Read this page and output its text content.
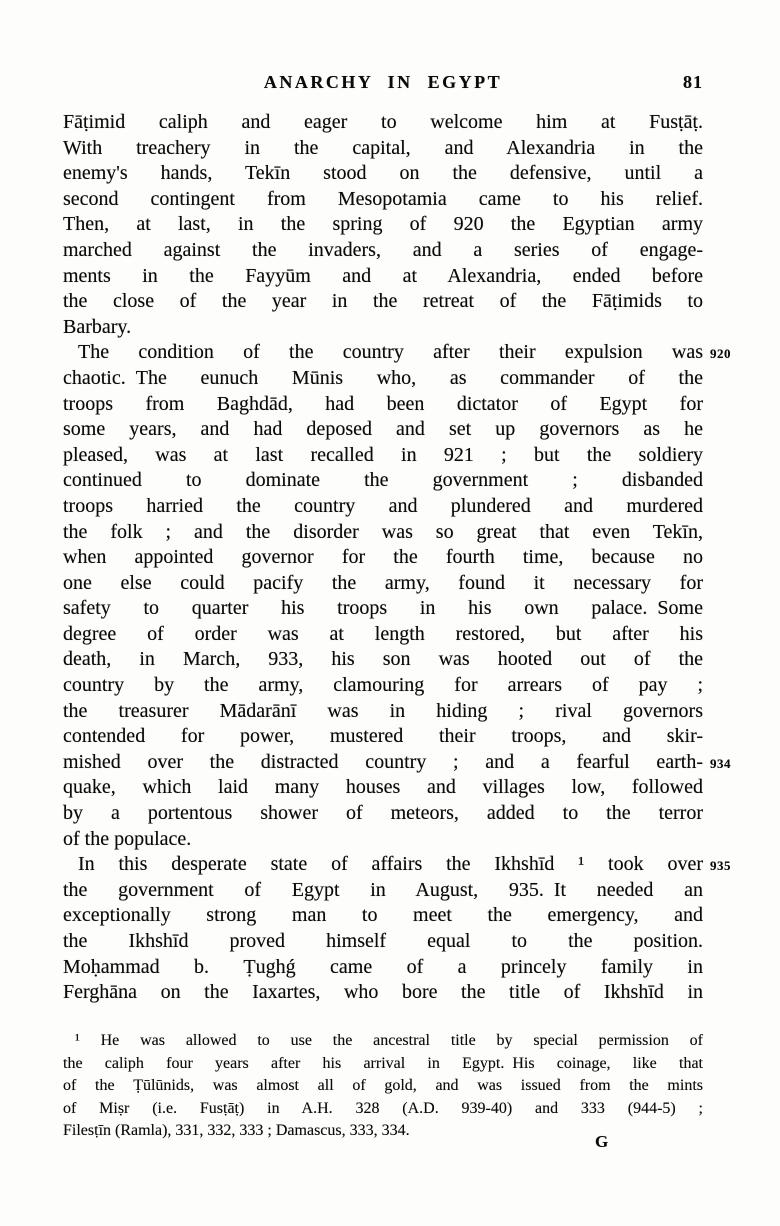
ANARCHY IN EGYPT	81
Fāṭimid caliph and eager to welcome him at Fusṭāṭ.
With treachery in the capital, and Alexandria in the
enemy's hands, Tekīn stood on the defensive, until a
second contingent from Mesopotamia came to his relief.
Then, at last, in the spring of 920 the Egyptian army
marched against the invaders, and a series of engage-
ments in the Fayyūm and at Alexandria, ended before
the close of the year in the retreat of the Fāṭimids to
Barbary.
The condition of the country after their expulsion was 920
chaotic. The eunuch Mūnis who, as commander of the
troops from Baghdād, had been dictator of Egypt for
some years, and had deposed and set up governors as he
pleased, was at last recalled in 921 ; but the soldiery
continued to dominate the government ; disbanded
troops harried the country and plundered and murdered
the folk ; and the disorder was so great that even Tekīn,
when appointed governor for the fourth time, because no
one else could pacify the army, found it necessary for
safety to quarter his troops in his own palace. Some
degree of order was at length restored, but after his
death, in March, 933, his son was hooted out of the
country by the army, clamouring for arrears of pay ;
the treasurer Mādarānī was in hiding ; rival governors
contended for power, mustered their troops, and skir-
mished over the distracted country ; and a fearful earth- 934
quake, which laid many houses and villages low, followed
by a portentous shower of meteors, added to the terror
of the populace.
In this desperate state of affairs the Ikhshīd ¹ took over 935
the government of Egypt in August, 935. It needed an
exceptionally strong man to meet the emergency, and
the Ikhshīd proved himself equal to the position.
Moḥammad b. Ṭughǵ came of a princely family in
Ferghāna on the Iaxartes, who bore the title of Ikhshīd in
¹ He was allowed to use the ancestral title by special permission of
the caliph four years after his arrival in Egypt. His coinage, like that
of the Ṭūlūnids, was almost all of gold, and was issued from the mints
of Miṣr (i.e. Fusṭāṭ) in A.H. 328 (A.D. 939-40) and 333 (944-5) ;
Filesṭīn (Ramla), 331, 332, 333 ; Damascus, 333, 334.
G
